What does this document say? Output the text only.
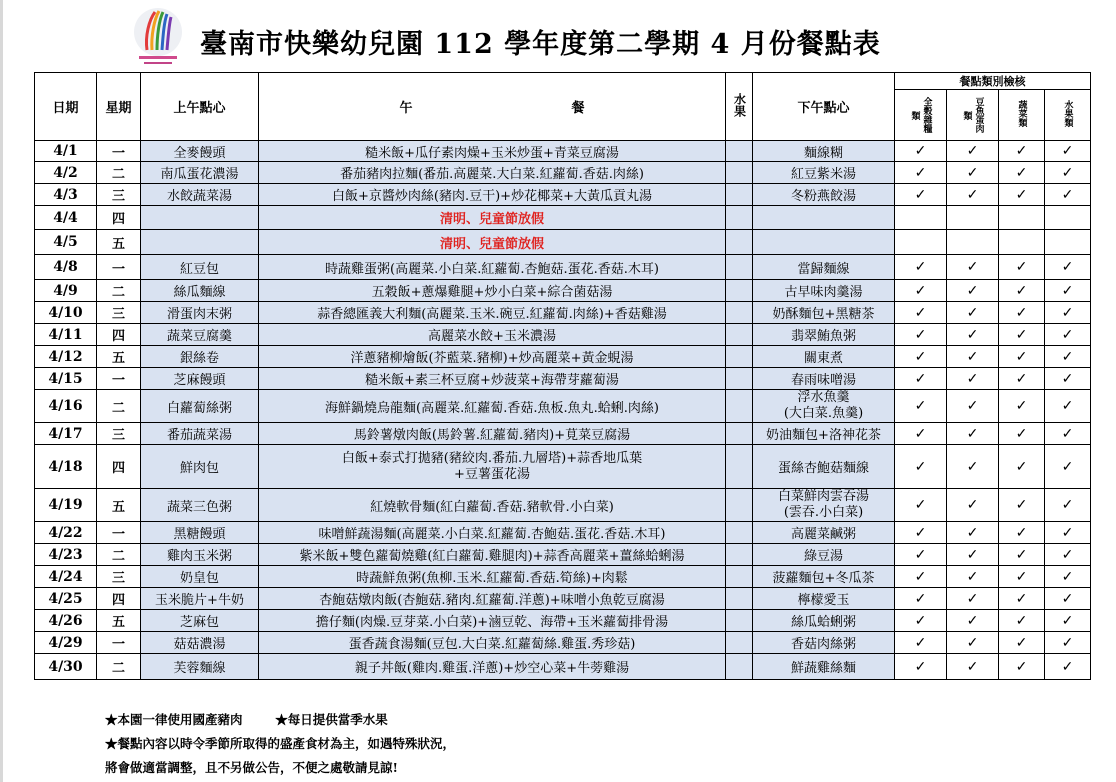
臺南市快樂幼兒園 112 學年度第二學期 4 月份餐點表
日期	星期	上午點心	午 餐	水果	下午點心	餐點類別檢核			

						類 全穀雜糧	類 豆魚蛋肉	蔬菜類	水果類
4/1	一	全麥饅頭	糙米飯+瓜仔素肉燥+玉米炒蛋+青菜豆腐湯		麵線糊	✓	✓	✓	✓
4/2	二	南瓜蛋花濃湯	番茄豬肉拉麵(番茄.高麗菜.大白菜.紅蘿蔔.香菇.肉絲)		紅豆紫米湯	✓	✓	✓	✓
4/3	三	水餃蔬菜湯	白飯+京醬炒肉絲(豬肉.豆干)+炒花椰菜+大黃瓜貢丸湯		冬粉燕餃湯	✓	✓	✓	✓
4/4	四		清明、兒童節放假						
4/5	五		清明、兒童節放假						
4/8	一	紅豆包	時蔬雞蛋粥(高麗菜.小白菜.紅蘿蔔.杏鮑菇.蛋花.香菇.木耳)		當歸麵線	✓	✓	✓	✓
4/9	二	絲瓜麵線	五穀飯+蔥爆雞腿+炒小白菜+綜合菌菇湯		古早味肉羹湯	✓	✓	✓	✓
4/10	三	滑蛋肉末粥	蒜香總匯義大利麵(高麗菜.玉米.碗豆.紅蘿蔔.肉絲)+香菇雞湯		奶酥麵包+黑糖茶	✓	✓	✓	✓
4/11	四	蔬菜豆腐羹	高麗菜水餃+玉米濃湯		翡翠鮪魚粥	✓	✓	✓	✓
4/12	五	銀絲卷	洋蔥豬柳燴飯(芥藍菜.豬柳)+炒高麗菜+黃金蜆湯		關東煮	✓	✓	✓	✓
4/15	一	芝麻饅頭	糙米飯+素三杯豆腐+炒菠菜+海帶芽蘿蔔湯		春雨味噌湯	✓	✓	✓	✓
4/16	二	白蘿蔔絲粥	海鮮鍋燒烏龍麵(高麗菜.紅蘿蔔.香菇.魚板.魚丸.蛤蜊.肉絲)		浮水魚羹
(大白菜.魚羹)	✓	✓	✓	✓
4/17	三	番茄蔬菜湯	馬鈴薯燉肉飯(馬鈴薯.紅蘿蔔.豬肉)+莧菜豆腐湯		奶油麵包+洛神花茶	✓	✓	✓	✓
4/18	四	鮮肉包	白飯+泰式打拋豬(豬絞肉.番茄.九層塔)+蒜香地瓜葉
+豆薯蛋花湯		蛋絲杏鮑菇麵線	✓	✓	✓	✓
4/19	五	蔬菜三色粥	紅燒軟骨麵(紅白蘿蔔.香菇.豬軟骨.小白菜)		白菜鮮肉雲吞湯
(雲吞.小白菜)	✓	✓	✓	✓
4/22	一	黑糖饅頭	味噌鮮蔬湯麵(高麗菜.小白菜.紅蘿蔔.杏鮑菇.蛋花.香菇.木耳)		高麗菜鹹粥	✓	✓	✓	✓
4/23	二	雞肉玉米粥	紫米飯+雙色蘿蔔燒雞(紅白蘿蔔.雞腿肉)+蒜香高麗菜+薑絲蛤蜊湯		綠豆湯	✓	✓	✓	✓
4/24	三	奶皇包	時蔬鮮魚粥(魚柳.玉米.紅蘿蔔.香菇.筍絲)+肉鬆		菠蘿麵包+冬瓜茶	✓	✓	✓	✓
4/25	四	玉米脆片+牛奶	杏鮑菇燉肉飯(杏鮑菇.豬肉.紅蘿蔔.洋蔥)+味噌小魚乾豆腐湯		檸檬愛玉	✓	✓	✓	✓
4/26	五	芝麻包	擔仔麵(肉燥.豆芽菜.小白菜)+滷豆乾、海帶+玉米蘿蔔排骨湯		絲瓜蛤蜊粥	✓	✓	✓	✓
4/29	一	菇菇濃湯	蛋香蔬食湯麵(豆包.大白菜.紅蘿蔔絲.雞蛋.秀珍菇)		香菇肉絲粥	✓	✓	✓	✓
4/30	二	芙蓉麵線	親子丼飯(雞肉.雞蛋.洋蔥)+炒空心菜+牛蒡雞湯		鮮蔬雞絲麵	✓	✓	✓	✓
★本園一律使用國產豬肉	★每日提供當季水果
★餐點內容以時令季節所取得的盛產食材為主，如遇特殊狀況，
將會做適當調整，且不另做公告，不便之處敬請見諒!
